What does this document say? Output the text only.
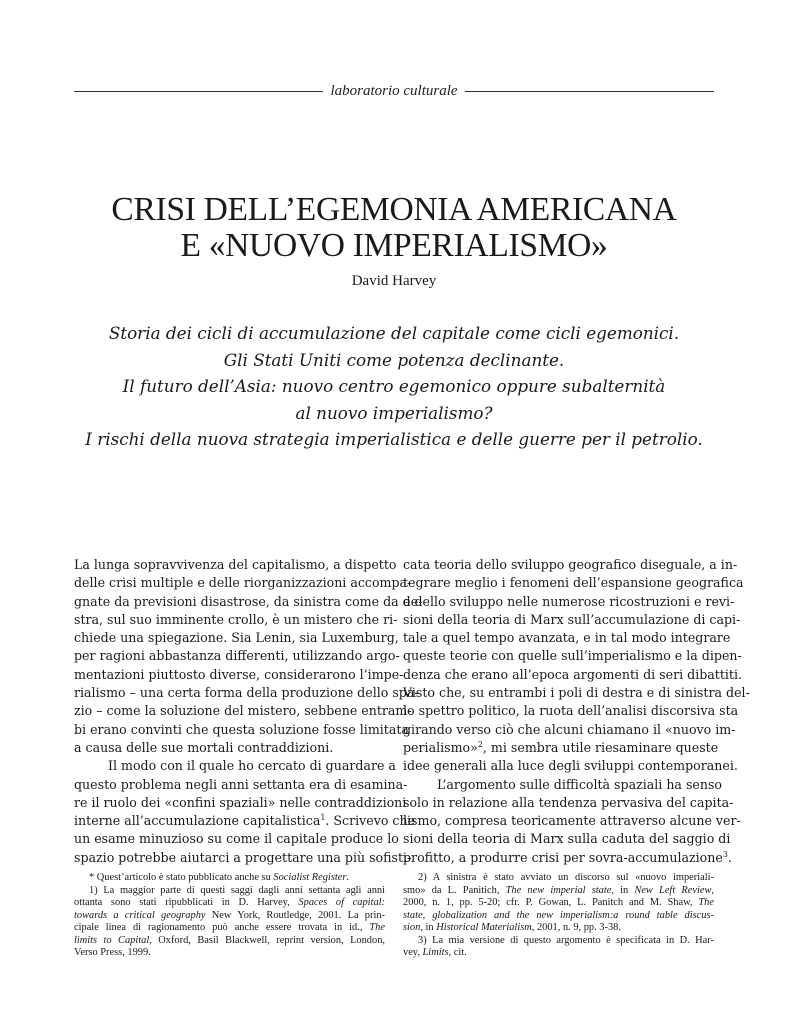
laboratorio culturale
CRISI DELL’EGEMONIA AMERICANA
E «NUOVO IMPERIALISMO»
David Harvey
Storia dei cicli di accumulazione del capitale come cicli egemonici.
Gli Stati Uniti come potenza declinante.
Il futuro dell’Asia: nuovo centro egemonico oppure subalternità
al nuovo imperialismo?
I rischi della nuova strategia imperialistica e delle guerre per il petrolio.
La lunga sopravvivenza del capitalismo, a dispetto
delle crisi multiple e delle riorganizzazioni accompa-
gnate da previsioni disastrose, da sinistra come da de-
stra, sul suo imminente crollo, è un mistero che ri-
chiede una spiegazione. Sia Lenin, sia Luxemburg,
per ragioni abbastanza differenti, utilizzando argo-
mentazioni piuttosto diverse, considerarono l’impe-
rialismo – una certa forma della produzione dello spa-
zio – come la soluzione del mistero, sebbene entram-
bi erano convinti che questa soluzione fosse limitata
a causa delle sue mortali contraddizioni.
Il modo con il quale ho cercato di guardare a
questo problema negli anni settanta era di esamina-
re il ruolo dei «confini spaziali» nelle contraddizioni
interne all’accumulazione capitalistica$^1$. Scrivevo che
un esame minuzioso su come il capitale produce lo
spazio potrebbe aiutarci a progettare una più sofisti-
cata teoria dello sviluppo geografico diseguale, a in-
tegrare meglio i fenomeni dell’espansione geografica
e dello sviluppo nelle numerose ricostruzioni e revi-
sioni della teoria di Marx sull’accumulazione di capi-
tale a quel tempo avanzata, e in tal modo integrare
queste teorie con quelle sull’imperialismo e la dipen-
denza che erano all’epoca argomenti di seri dibattiti.
Visto che, su entrambi i poli di destra e di sinistra del-
lo spettro politico, la ruota dell’analisi discorsiva sta
girando verso ciò che alcuni chiamano il «nuovo im-
perialismo»$^2$, mi sembra utile riesaminare queste
idee generali alla luce degli sviluppi contemporanei.
L’argomento sulle difficoltà spaziali ha senso
solo in relazione alla tendenza pervasiva del capita-
lismo, compresa teoricamente attraverso alcune ver-
sioni della teoria di Marx sulla caduta del saggio di
profitto, a produrre crisi per sovra-accumulazione$^3$.
* Quest’articolo è stato pubblicato anche su Socialist Register.
1) La maggior parte di questi saggi dagli anni settanta agli anni
ottanta sono stati ripubblicati in D. Harvey, Spaces of capital:
towards a critical geography New York, Routledge, 2001. La prin-
cipale linea di ragionamento può anche essere trovata in id., The
limits to Capital, Oxford, Basil Blackwell, reprint version, London,
Verso Press, 1999.
2) A sinistra è stato avviato un discorso sul «nuovo imperiali-
smo» da L. Panitich, The new imperial state, in New Left Review,
2000, n. 1, pp. 5-20; cfr. P. Gowan, L. Panitch and M. Shaw, The
state, globalization and the new imperialism:a round table discus-
sion, in Historical Materialism, 2001, n. 9, pp. 3-38.
3) La mia versione di questo argomento è specificata in D. Har-
vey, Limits, cit.
